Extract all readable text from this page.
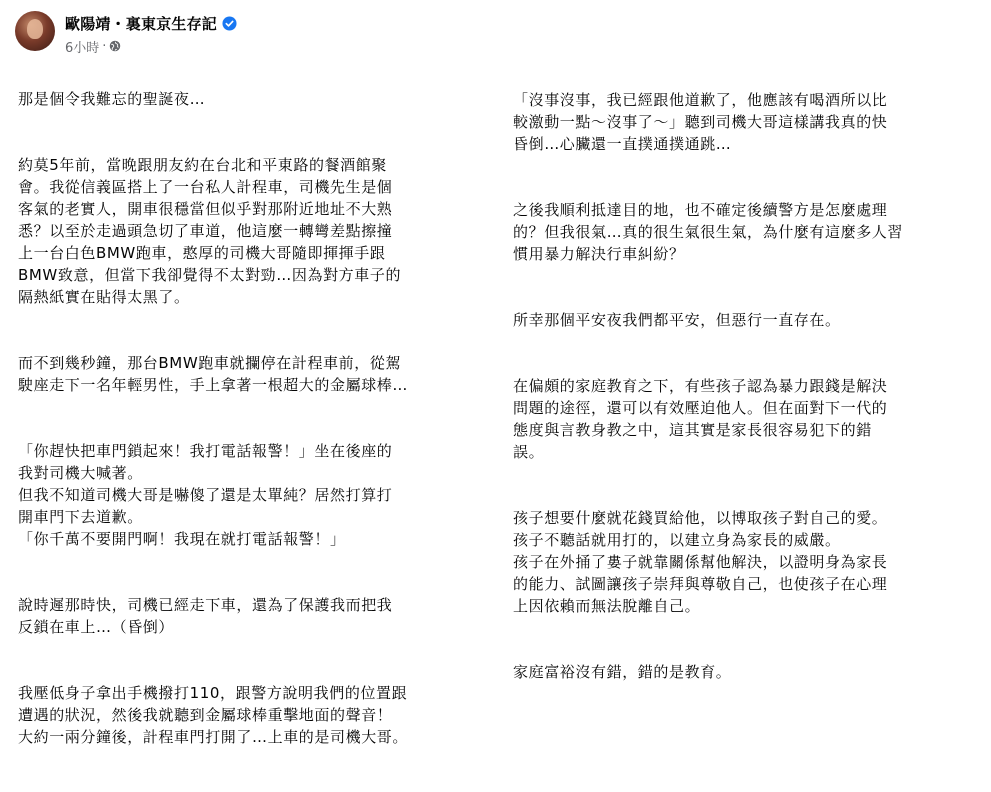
歐陽靖・裏東京生存記
6小時 ·

那是個令我難忘的聖誕夜…

約莫5年前，當晚跟朋友約在台北和平東路的餐酒館聚
會。我從信義區搭上了一台私人計程車，司機先生是個
客氣的老實人，開車很穩當但似乎對那附近地址不大熟
悉？以至於走過頭急切了車道，他這麼一轉彎差點擦撞
上一台白色BMW跑車，憨厚的司機大哥隨即揮揮手跟
BMW致意，但當下我卻覺得不太對勁…因為對方車子的
隔熱紙實在貼得太黑了。

而不到幾秒鐘，那台BMW跑車就攔停在計程車前，從駕
駛座走下一名年輕男性，手上拿著一根超大的金屬球棒…

「你趕快把車門鎖起來！我打電話報警！」坐在後座的
我對司機大喊著。
但我不知道司機大哥是嚇傻了還是太單純？居然打算打
開車門下去道歉。
「你千萬不要開門啊！我現在就打電話報警！」

說時遲那時快，司機已經走下車，還為了保護我而把我
反鎖在車上…（昏倒）

我壓低身子拿出手機撥打110，跟警方說明我們的位置跟
遭遇的狀況，然後我就聽到金屬球棒重擊地面的聲音！
大約一兩分鐘後，計程車門打開了…上車的是司機大哥。

「沒事沒事，我已經跟他道歉了，他應該有喝酒所以比
較激動一點～沒事了～」聽到司機大哥這樣講我真的快
昏倒…心臟還一直撲通撲通跳…

之後我順利抵達目的地，也不確定後續警方是怎麼處理
的？但我很氣…真的很生氣很生氣，為什麼有這麼多人習
慣用暴力解決行車糾紛？

所幸那個平安夜我們都平安，但惡行一直存在。

在偏頗的家庭教育之下，有些孩子認為暴力跟錢是解決
問題的途徑，還可以有效壓迫他人。但在面對下一代的
態度與言教身教之中，這其實是家長很容易犯下的錯
誤。

孩子想要什麼就花錢買給他，以博取孩子對自己的愛。
孩子不聽話就用打的，以建立身為家長的威嚴。
孩子在外捅了婁子就靠關係幫他解決，以證明身為家長
的能力、試圖讓孩子崇拜與尊敬自己，也使孩子在心理
上因依賴而無法脫離自己。

家庭富裕沒有錯，錯的是教育。
